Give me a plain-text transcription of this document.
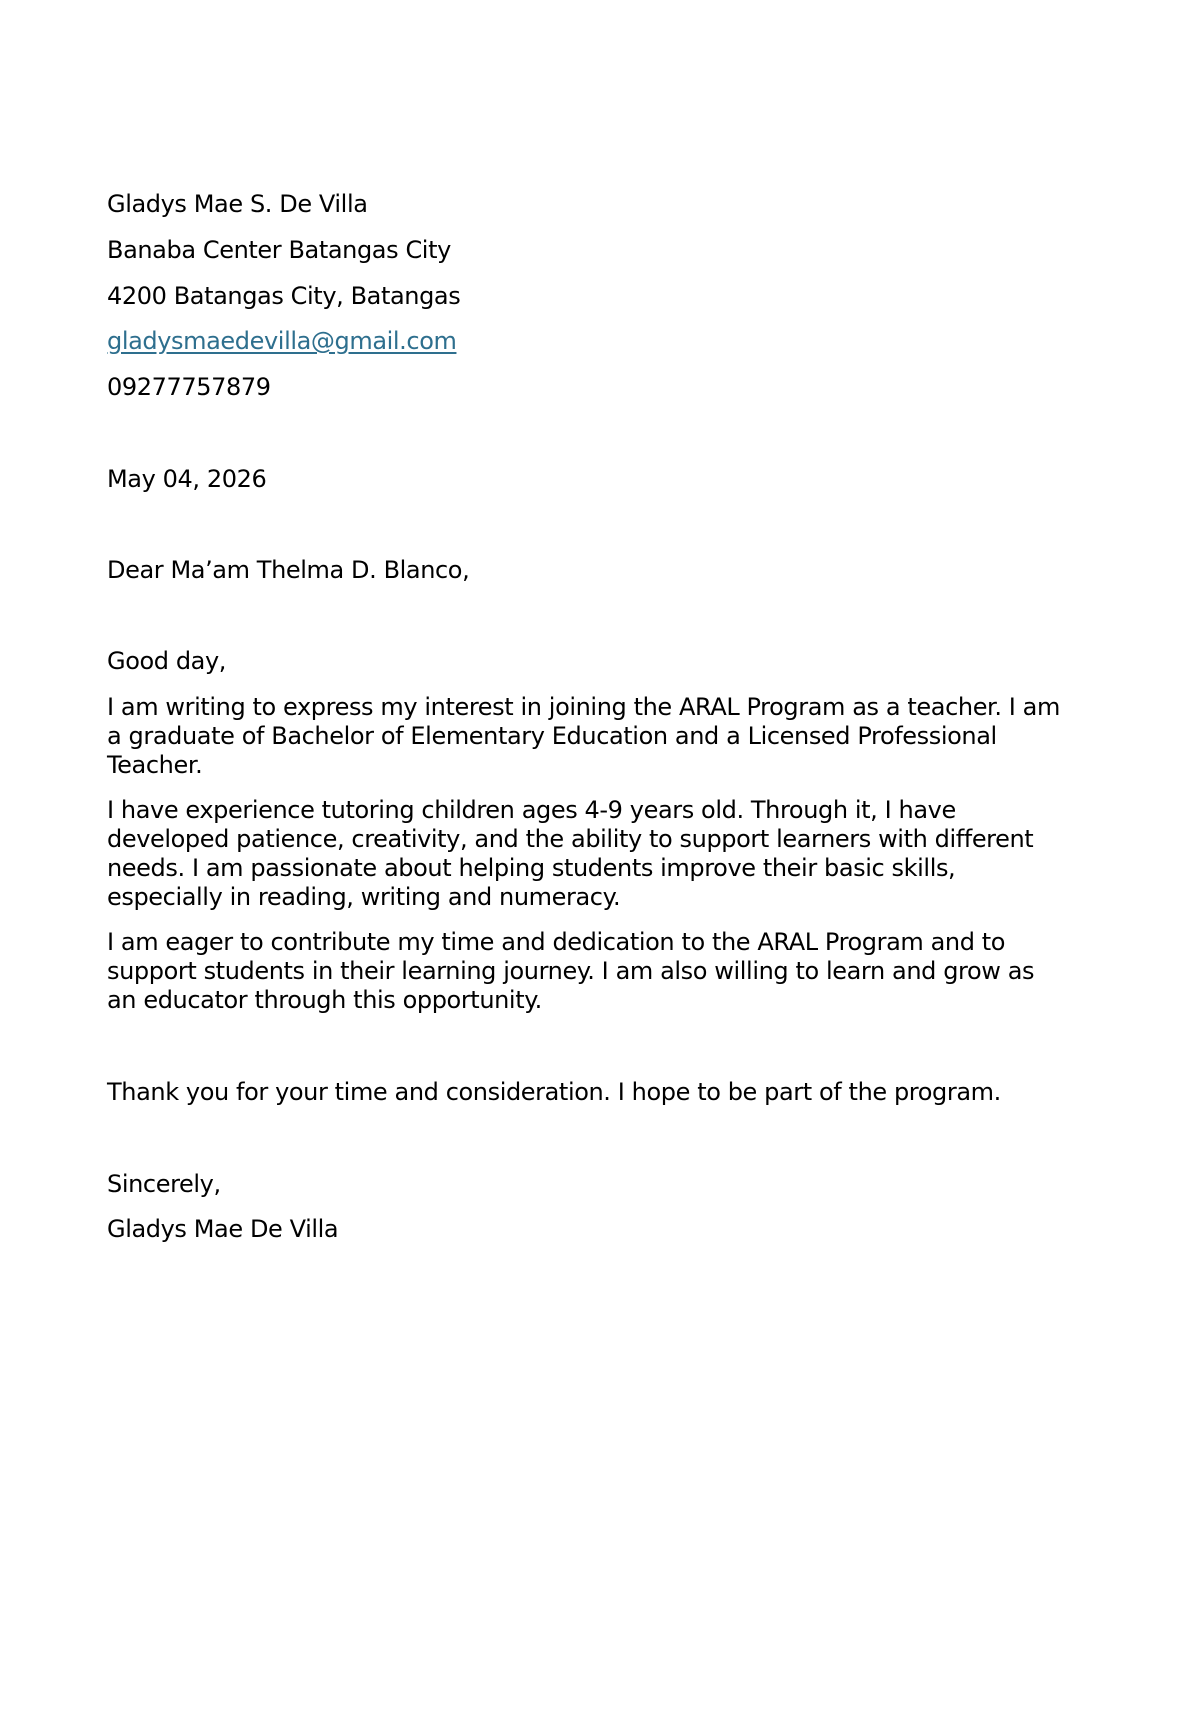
Gladys Mae S. De Villa

Banaba Center Batangas City

4200 Batangas City, Batangas

gladysmaedevilla@gmail.com

09277757879

May 04, 2026

Dear Ma’am Thelma D. Blanco,

Good day,

I am writing to express my interest in joining the ARAL Program as a teacher. I am
a graduate of Bachelor of Elementary Education and a Licensed Professional
Teacher.
I have experience tutoring children ages 4-9 years old. Through it, I have
developed patience, creativity, and the ability to support learners with different
needs. I am passionate about helping students improve their basic skills,
especially in reading, writing and numeracy.
I am eager to contribute my time and dedication to the ARAL Program and to
support students in their learning journey. I am also willing to learn and grow as
an educator through this opportunity.

Thank you for your time and consideration. I hope to be part of the program.

Sincerely,

Gladys Mae De Villa
